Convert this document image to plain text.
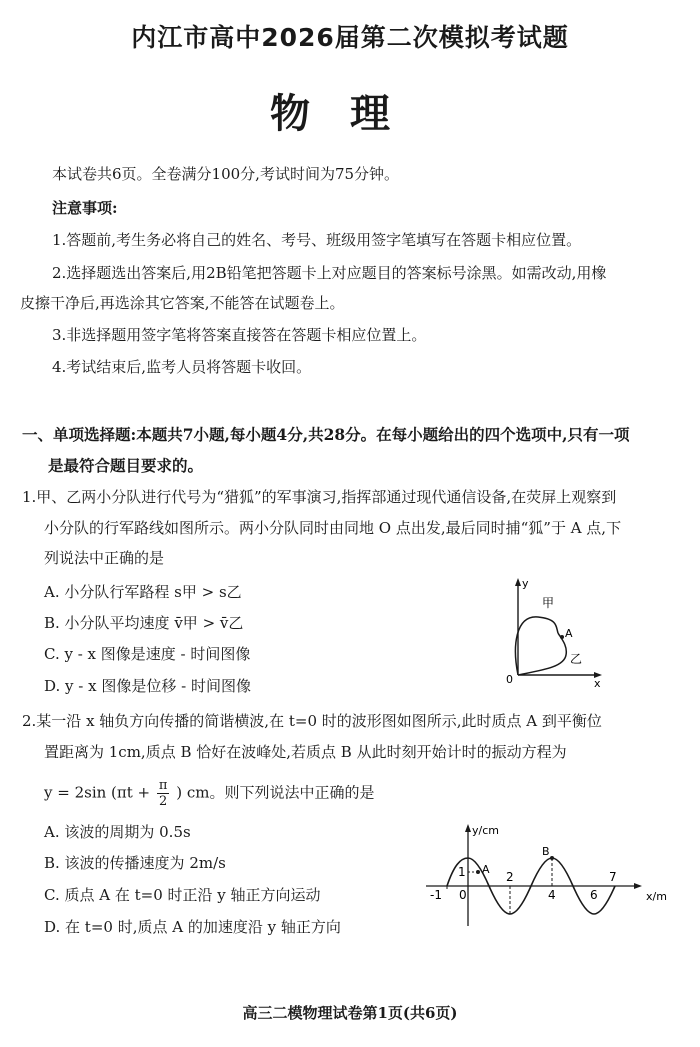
内江市高中2026届第二次模拟考试题
物理
本试卷共6页。全卷满分100分,考试时间为75分钟。
注意事项:
1.答题前,考生务必将自己的姓名、考号、班级用签字笔填写在答题卡相应位置。
2.选择题选出答案后,用2B铅笔把答题卡上对应题目的答案标号涂黑。如需改动,用橡
皮擦干净后,再选涂其它答案,不能答在试题卷上。
3.非选择题用签字笔将答案直接答在答题卡相应位置上。
4.考试结束后,监考人员将答题卡收回。
一、单项选择题:本题共7小题,每小题4分,共28分。在每小题给出的四个选项中,只有一项
是最符合题目要求的。
1.甲、乙两小分队进行代号为“猎狐”的军事演习,指挥部通过现代通信设备,在荧屏上观察到
小分队的行军路线如图所示。两小分队同时由同地 O 点出发,最后同时捕“狐”于 A 点,下
列说法中正确的是
A. 小分队行军路程 s甲 > s乙
B. 小分队平均速度 v̄甲 > v̄乙
C. y - x 图像是速度 - 时间图像
D. y - x 图像是位移 - 时间图像
y
x
0
甲
A
乙
2.某一沿 x 轴负方向传播的简谐横波,在 t=0 时的波形图如图所示,此时质点 A 到平衡位
置距离为 1cm,质点 B 恰好在波峰处,若质点 B 从此时刻开始计时的振动方程为
y = 2sin ($\pi t + \frac{\pi}{2}$ ) cm。则下列说法中正确的是
A. 该波的周期为 0.5s
B. 该波的传播速度为 2m/s
C. 质点 A 在 t=0 时正沿 y 轴正方向运动
D. 在 t=0 时,质点 A 的加速度沿 y 轴正方向
y/cm
x/m
0
1 A
B
-1
2
4	6
7
高三二模物理试卷第1页(共6页)
